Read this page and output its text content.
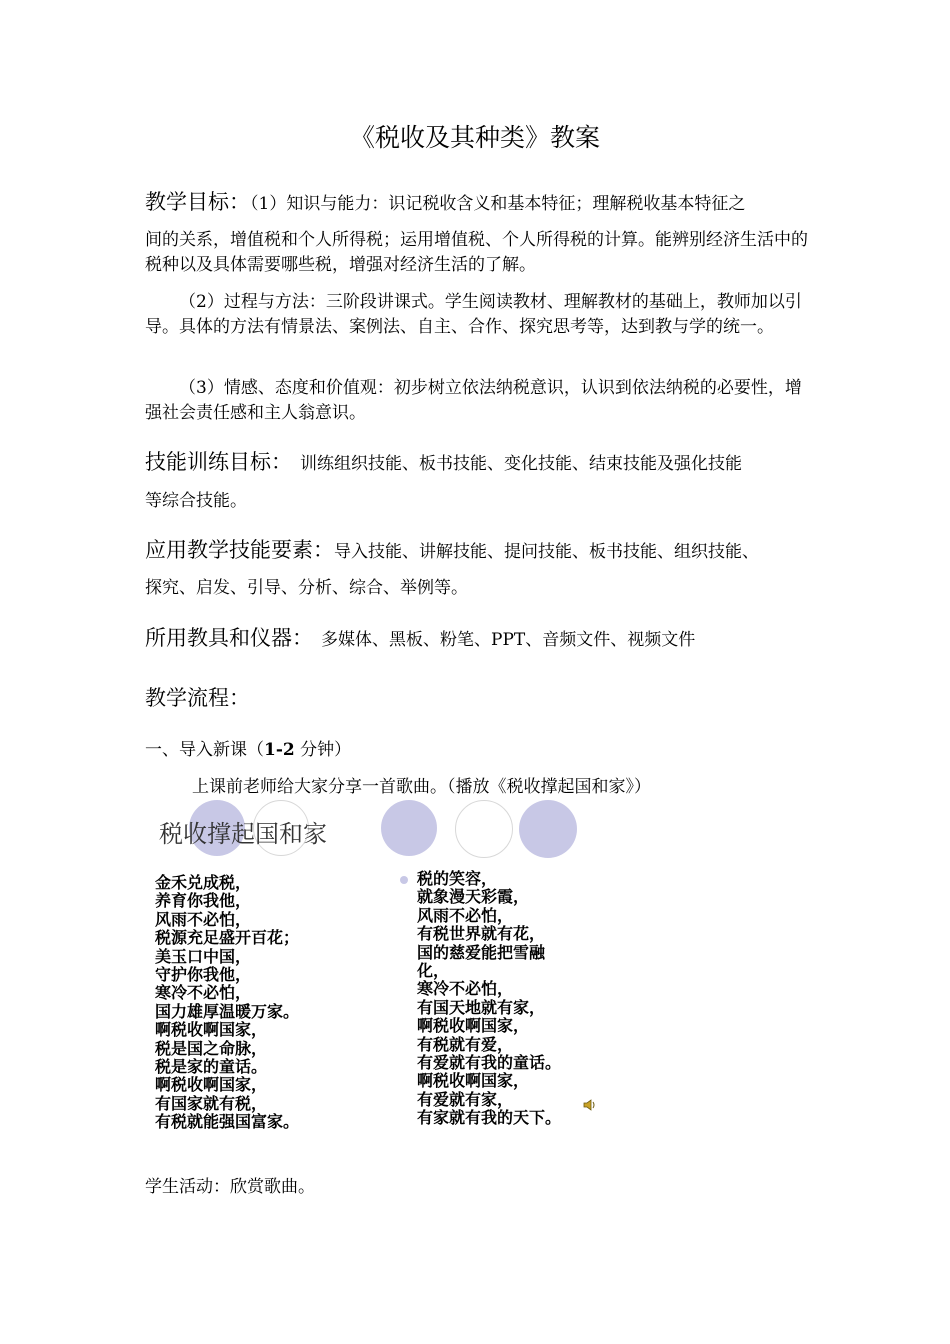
《税收及其种类》教案
教学目标：（1）知识与能力：识记税收含义和基本特征；理解税收基本特征之
间的关系，增值税和个人所得税；运用增值税、个人所得税的计算。能辨别经济生活中的税种以及具体需要哪些税，增强对经济生活的了解。
（2）过程与方法：三阶段讲课式。学生阅读教材、理解教材的基础上，教师加以引导。具体的方法有情景法、案例法、自主、合作、探究思考等，达到教与学的统一。
（3）情感、态度和价值观：初步树立依法纳税意识，认识到依法纳税的必要性，增强社会责任感和主人翁意识。
技能训练目标： 训练组织技能、板书技能、变化技能、结束技能及强化技能
等综合技能。
应用教学技能要素：导入技能、讲解技能、提问技能、板书技能、组织技能、
探究、启发、引导、分析、综合、举例等。
所用教具和仪器： 多媒体、黑板、粉笔、PPT、音频文件、视频文件
教学流程：
一、导入新课（1-2 分钟）
上课前老师给大家分享一首歌曲。（播放《税收撑起国和家》）
税收撑起国和家
金禾兑成税，
养育你我他，
风雨不必怕，
税源充足盛开百花；
美玉口中国，
守护你我他，
寒冷不必怕，
国力雄厚温暖万家。
啊税收啊国家，
税是国之命脉，
税是家的童话。
啊税收啊国家，
有国家就有税，
有税就能强国富家。
税的笑容，
就象漫天彩霞，
风雨不必怕，
有税世界就有花，
国的慈爱能把雪融
化，
寒冷不必怕，
有国天地就有家，
啊税收啊国家，
有税就有爱，
有爱就有我的童话。
啊税收啊国家，
有爱就有家，
有家就有我的天下。
学生活动：欣赏歌曲。
